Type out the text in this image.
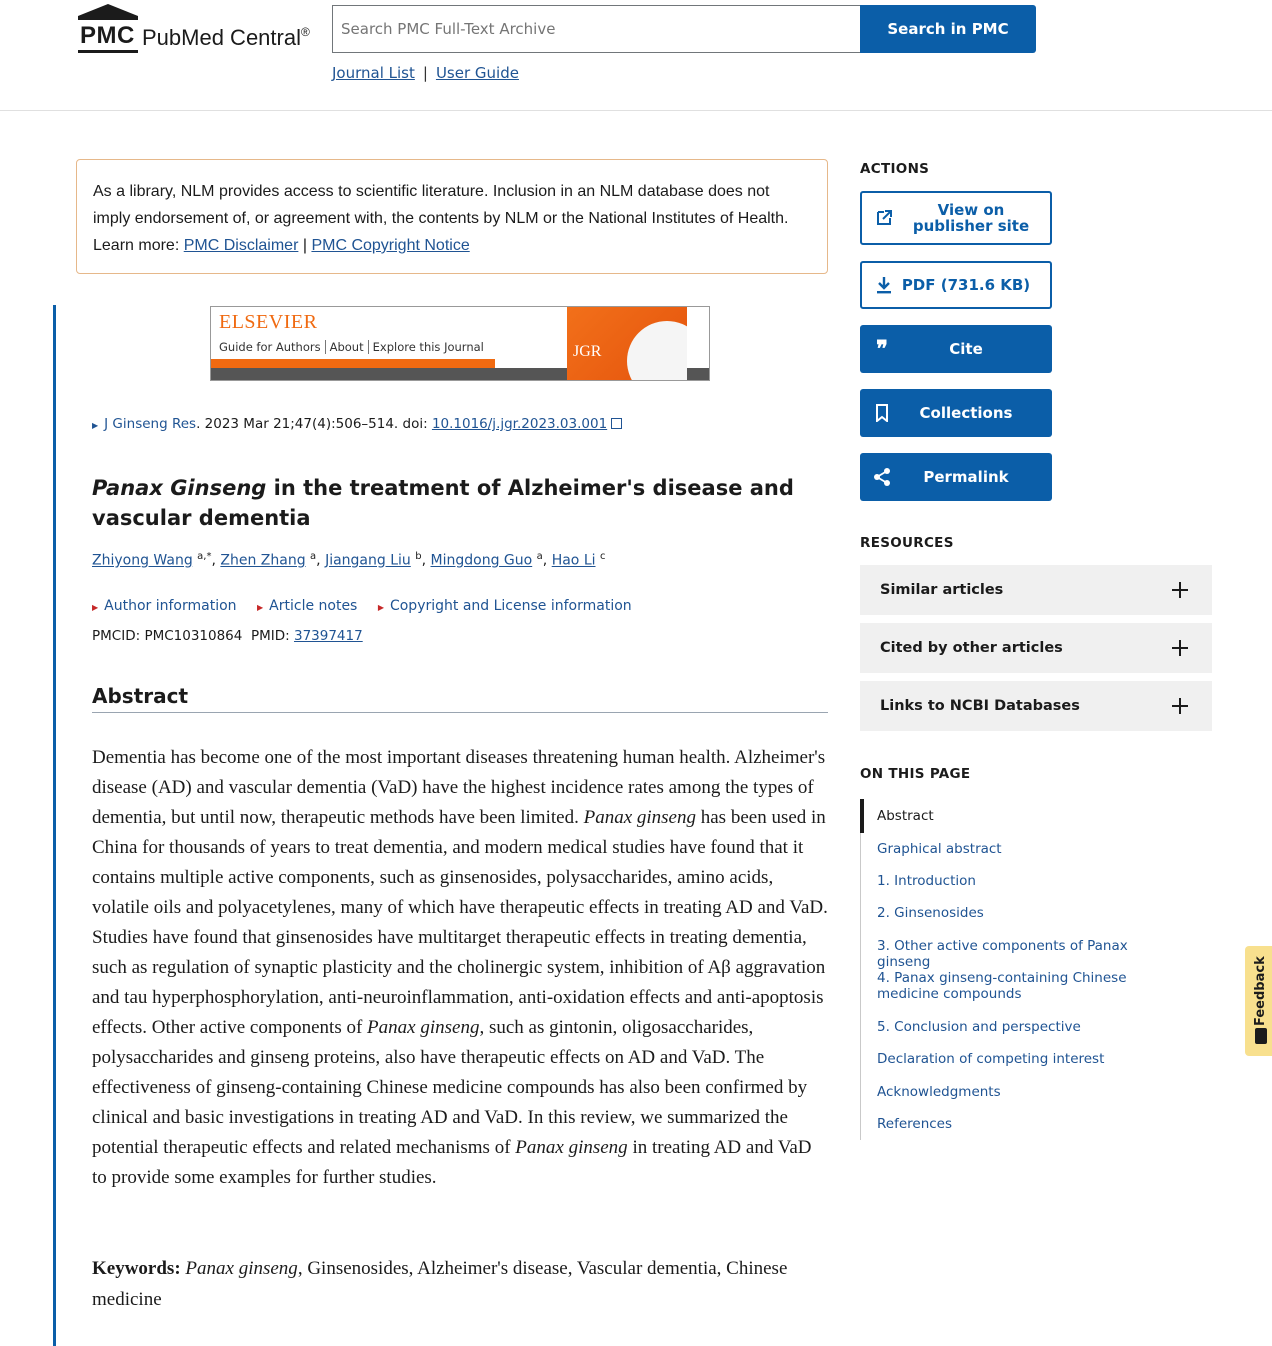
PMC PubMed Central®
Search PMC Full-Text Archive	Search in PMC
Journal List | User Guide
As a library, NLM provides access to scientific literature. Inclusion in an NLM database does not imply endorsement of, or agreement with, the contents by NLM or the National Institutes of Health. Learn more: PMC Disclaimer | PMC Copyright Notice
ELSEVIER
Guide for Authors About Explore this Journal	JGR
▶ J Ginseng Res. 2023 Mar 21;47(4):506–514. doi: 10.1016/j.jgr.2023.03.001
Panax Ginseng in the treatment of Alzheimer's disease and vascular dementia
Zhiyong Wang $^{a,*}$, Zhen Zhang $^a$, Jiangang Liu $^b$, Mingdong Guo $^a$, Hao Li $^c$
▶ Author information	▶ Article notes	▶ Copyright and License information
PMCID: PMC10310864 PMID: 37397417
Abstract

Dementia has become one of the most important diseases threatening human health. Alzheimer's disease (AD) and vascular dementia (VaD) have the highest incidence rates among the types of dementia, but until now, therapeutic methods have been limited. Panax ginseng has been used in China for thousands of years to treat dementia, and modern medical studies have found that it contains multiple active components, such as ginsenosides, polysaccharides, amino acids, volatile oils and polyacetylenes, many of which have therapeutic effects in treating AD and VaD. Studies have found that ginsenosides have multitarget therapeutic effects in treating dementia, such as regulation of synaptic plasticity and the cholinergic system, inhibition of Aβ aggravation and tau hyperphosphorylation, anti-neuroinflammation, anti-oxidation effects and anti-apoptosis effects. Other active components of Panax ginseng, such as gintonin, oligosaccharides, polysaccharides and ginseng proteins, also have therapeutic effects on AD and VaD. The effectiveness of ginseng-containing Chinese medicine compounds has also been confirmed by clinical and basic investigations in treating AD and VaD. In this review, we summarized the potential therapeutic effects and related mechanisms of Panax ginseng in treating AD and VaD to provide some examples for further studies.

Keywords: Panax ginseng, Ginsenosides, Alzheimer's disease, Vascular dementia, Chinese medicine

ACTIONS
View on publisher site
PDF (731.6 KB)
❞	Cite
Collections
Permalink
RESOURCES
Similar articles
Cited by other articles
Links to NCBI Databases
ON THIS PAGE
Abstract
Graphical abstract
1. Introduction
2. Ginsenosides
3. Other active components of Panax ginseng
4. Panax ginseng-containing Chinese medicine compounds
5. Conclusion and perspective
Declaration of competing interest
Acknowledgments
References
Feedback
